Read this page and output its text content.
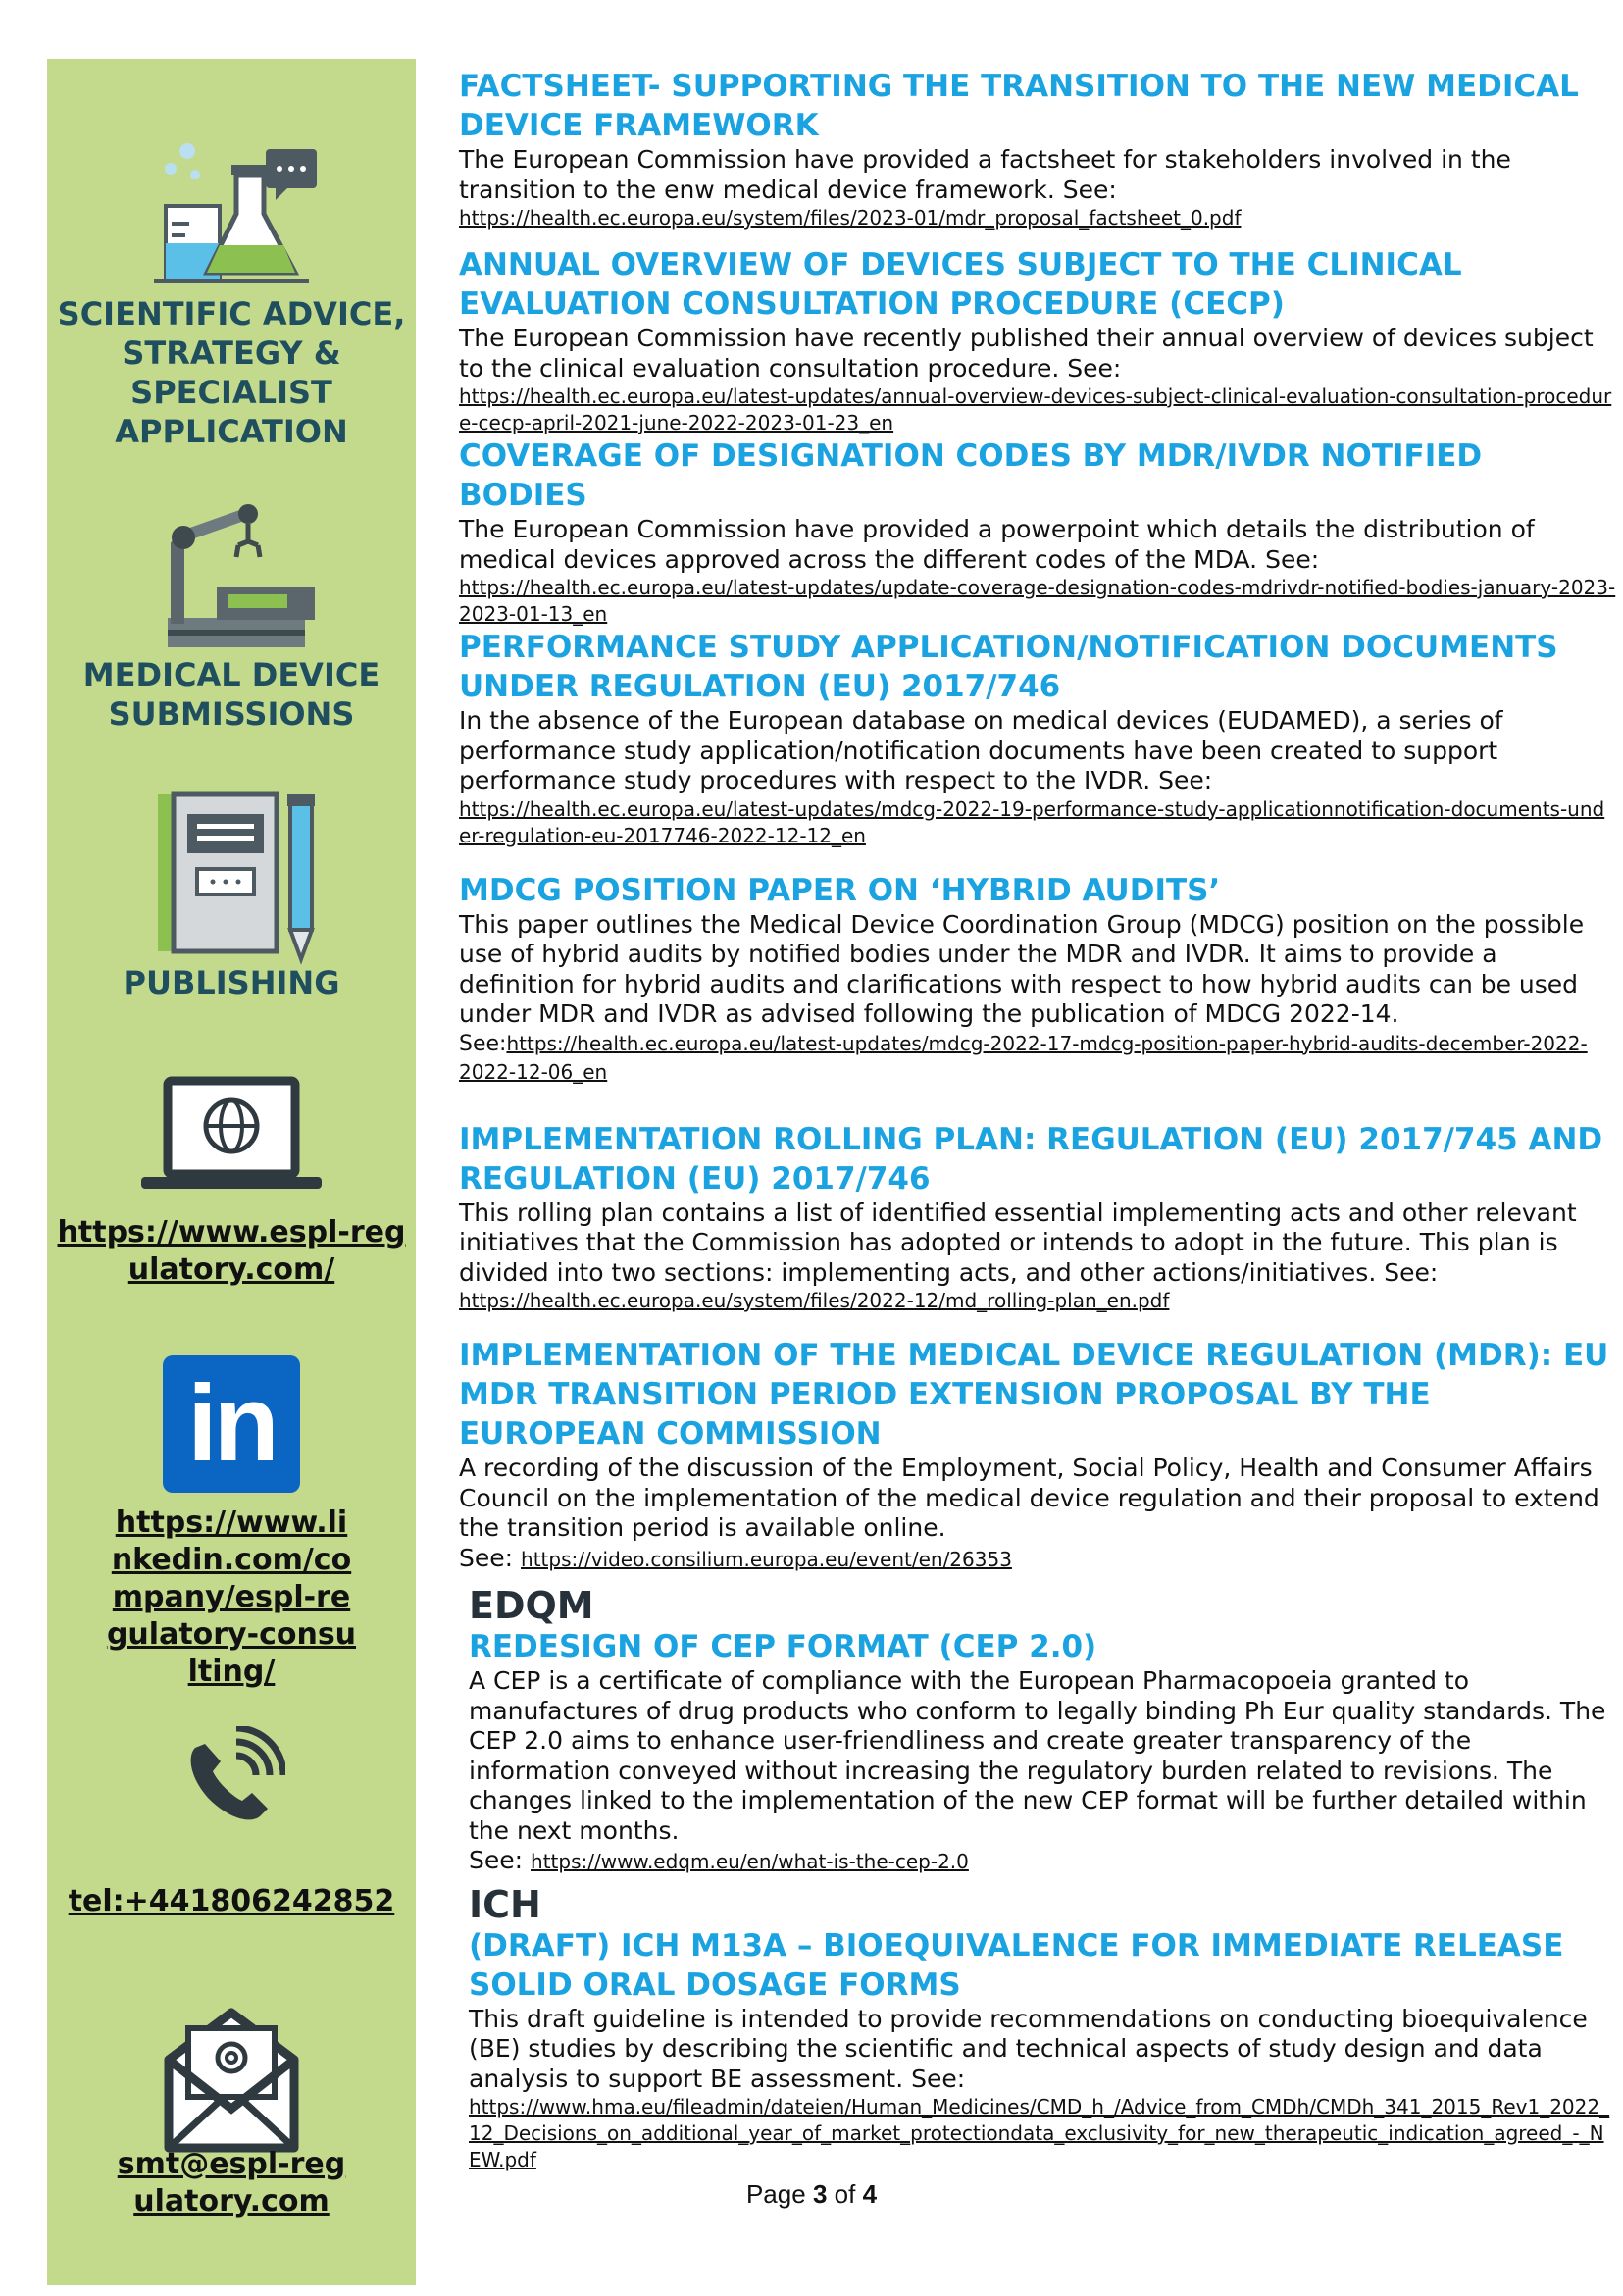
SCIENTIFIC ADVICE, STRATEGY & SPECIALIST APPLICATION
MEDICAL DEVICE SUBMISSIONS
PUBLISHING
https://www.espl-regulatory.com/
in
https://www.linkedin.com/company/espl-regulatory-consulting/
tel:+441806242852
smt@espl-regulatory.com

FACTSHEET- SUPPORTING THE TRANSITION TO THE NEW MEDICAL DEVICE FRAMEWORK

The European Commission have provided a factsheet for stakeholders involved in the transition to the enw medical device framework. See:

https://health.ec.europa.eu/system/files/2023-01/mdr_proposal_factsheet_0.pdf

ANNUAL OVERVIEW OF DEVICES SUBJECT TO THE CLINICAL EVALUATION CONSULTATION PROCEDURE (CECP)

The European Commission have recently published their annual overview of devices subject to the clinical evaluation consultation procedure. See:

https://health.ec.europa.eu/latest-updates/annual-overview-devices-subject-clinical-evaluation-consultation-procedure-cecp-april-2021-june-2022-2023-01-23_en

COVERAGE OF DESIGNATION CODES BY MDR/IVDR NOTIFIED BODIES

The European Commission have provided a powerpoint which details the distribution of medical devices approved across the different codes of the MDA. See:

https://health.ec.europa.eu/latest-updates/update-coverage-designation-codes-mdrivdr-notified-bodies-january-2023-2023-01-13_en

PERFORMANCE STUDY APPLICATION/NOTIFICATION DOCUMENTS UNDER REGULATION (EU) 2017/746

In the absence of the European database on medical devices (EUDAMED), a series of performance study application/notification documents have been created to support performance study procedures with respect to the IVDR. See:

https://health.ec.europa.eu/latest-updates/mdcg-2022-19-performance-study-applicationnotification-documents-under-regulation-eu-2017746-2022-12-12_en

MDCG POSITION PAPER ON ‘HYBRID AUDITS’

This paper outlines the Medical Device Coordination Group (MDCG) position on the possible use of hybrid audits by notified bodies under the MDR and IVDR. It aims to provide a definition for hybrid audits and clarifications with respect to how hybrid audits can be used under MDR and IVDR as advised following the publication of MDCG 2022-14.

See:https://health.ec.europa.eu/latest-updates/mdcg-2022-17-mdcg-position-paper-hybrid-audits-december-2022-2022-12-06_en

IMPLEMENTATION ROLLING PLAN: REGULATION (EU) 2017/745 AND REGULATION (EU) 2017/746

This rolling plan contains a list of identified essential implementing acts and other relevant initiatives that the Commission has adopted or intends to adopt in the future. This plan is divided into two sections: implementing acts, and other actions/initiatives. See:

https://health.ec.europa.eu/system/files/2022-12/md_rolling-plan_en.pdf

IMPLEMENTATION OF THE MEDICAL DEVICE REGULATION (MDR): EU MDR TRANSITION PERIOD EXTENSION PROPOSAL BY THE EUROPEAN COMMISSION

A recording of the discussion of the Employment, Social Policy, Health and Consumer Affairs Council on the implementation of the medical device regulation and their proposal to extend the transition period is available online.

See: https://video.consilium.europa.eu/event/en/26353

EDQM

REDESIGN OF CEP FORMAT (CEP 2.0)

A CEP is a certificate of compliance with the European Pharmacopoeia granted to manufactures of drug products who conform to legally binding Ph Eur quality standards. The CEP 2.0 aims to enhance user-friendliness and create greater transparency of the information conveyed without increasing the regulatory burden related to revisions. The changes linked to the implementation of the new CEP format will be further detailed within the next months.

See: https://www.edqm.eu/en/what-is-the-cep-2.0

ICH

(DRAFT) ICH M13A – BIOEQUIVALENCE FOR IMMEDIATE RELEASE SOLID ORAL DOSAGE FORMS

This draft guideline is intended to provide recommendations on conducting bioequivalence (BE) studies by describing the scientific and technical aspects of study design and data analysis to support BE assessment. See:

https://www.hma.eu/fileadmin/dateien/Human_Medicines/CMD_h_/Advice_from_CMDh/CMDh_341_2015_Rev1_2022_12_Decisions_on_additional_year_of_market_protectiondata_exclusivity_for_new_therapeutic_indication_agreed_-_NEW.pdf

Page 3 of 4
